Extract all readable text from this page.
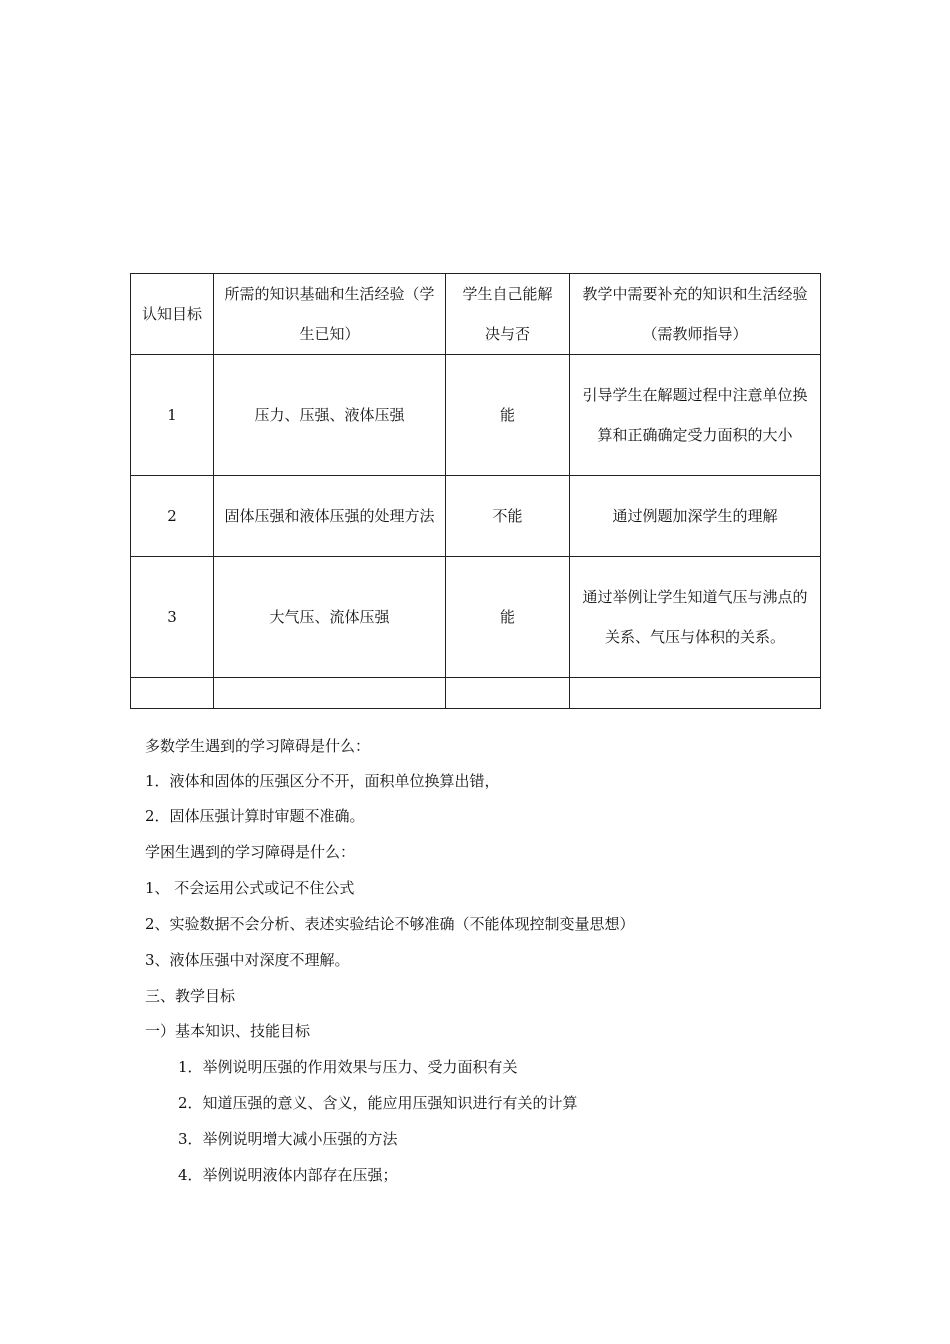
认知目标	所需的知识基础和生活经验（学生已知）	学生自己能解决与否	教学中需要补充的知识和生活经验（需教师指导）

1	压力、压强、液体压强	能	引导学生在解题过程中注意单位换算和正确确定受力面积的大小
2	固体压强和液体压强的处理方法	不能	通过例题加深学生的理解
3	大气压、流体压强	能	通过举例让学生知道气压与沸点的关系、气压与体积的关系。

多数学生遇到的学习障碍是什么：
1．液体和固体的压强区分不开，面积单位换算出错，
2．固体压强计算时审题不准确。
学困生遇到的学习障碍是什么：
1、 不会运用公式或记不住公式
2、实验数据不会分析、表述实验结论不够准确（不能体现控制变量思想）
3、液体压强中对深度不理解。
三、教学目标
一）基本知识、技能目标
1．举例说明压强的作用效果与压力、受力面积有关
2．知道压强的意义、含义，能应用压强知识进行有关的计算
3．举例说明增大减小压强的方法
4．举例说明液体内部存在压强；
